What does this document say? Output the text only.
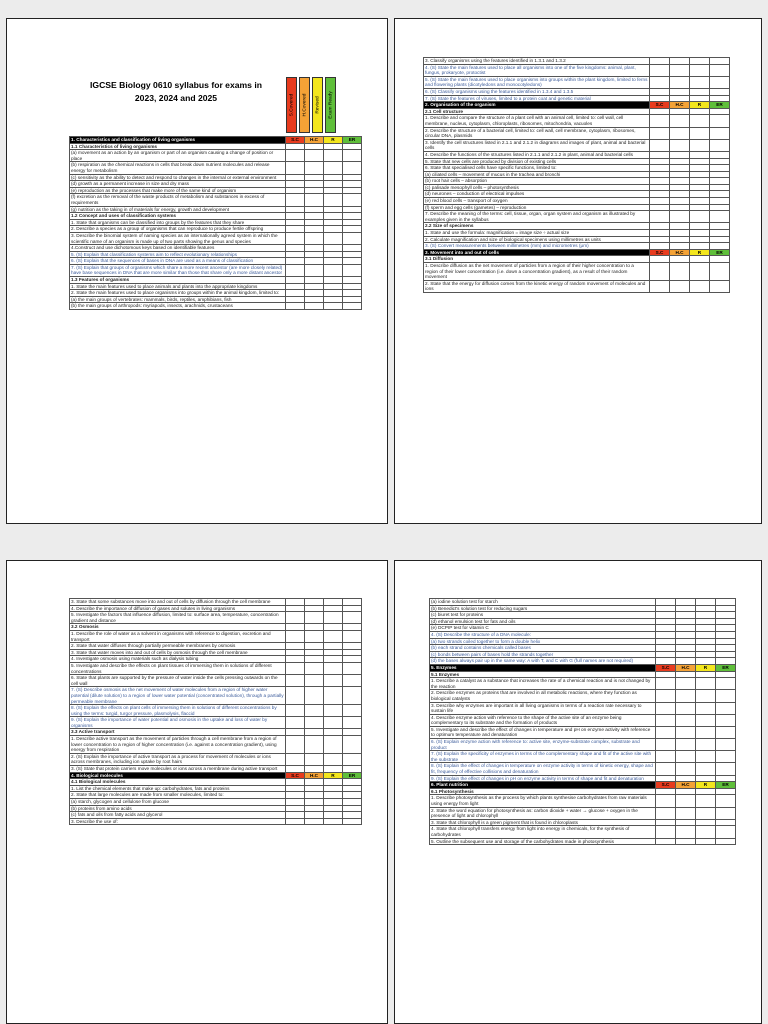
IGCSE Biology 0610 syllabus for exams in
2023, 2024 and 2025	S.Covered H.Covered Revised Exam Ready
1. Characteristics and classification of living organisms	S.C	H.C	R	ER
1.1 Characteristics of living organisms				
(a) movement as an action by an organism or part of an organism causing a change of position or place				
(b) respiration as the chemical reactions in cells that break down nutrient molecules and release energy for metabolism				
(c) sensitivity as the ability to detect and respond to changes in the internal or external environment				
(d) growth as a permanent increase in size and dry mass				
(e) reproduction as the processes that make more of the same kind of organism				
(f) excretion as the removal of the waste products of metabolism and substances in excess of requirements				
(g) nutrition as the taking in of materials for energy, growth and development				
1.2 Concept and uses of classification systems				
1. State that organisms can be classified into groups by the features that they share				
2. Describe a species as a group of organisms that can reproduce to produce fertile offspring				
3. Describe the binomial system of naming species as an internationally agreed system in which the scientific name of an organism is made up of two parts showing the genus and species				
4.Construct and use dichotomous keys based on identifiable features				
5. (S) Explain that classification systems aim to reflect evolutionary relationships				
6. (S) Explain that the sequences of bases in DNA are used as a means of classification				
7. (S) Explain that groups of organisms which share a more recent ancestor (are more closely related) have base sequences in DNA that are more similar than those that share only a more distant ancestor				
1.3 Features of organisms				
1. State the main features used to place animals and plants into the appropriate kingdoms				
2. State the main features used to place organisms into groups within the animal kingdom, limited to:				
(a) the main groups of vertebrates: mammals, birds, reptiles, amphibians, fish				
(b) the main groups of arthropods: myriapods, insects, arachnids, crustaceans				
3. Classify organisms using the features identified in 1.3.1 and 1.3.2				
4. (S) State the main features used to place all organisms into one of the five kingdoms: animal, plant, fungus, prokaryote, protoctist				
5. (S) State the main features used to place organisms into groups within the plant kingdom, limited to ferns and flowering plants (dicotyledons and monocotyledons)				
6. (S) Classify organisms using the features identified in 1.3.4 and 1.3.5				
7. (S) State the features of viruses, limited to a protein coat and genetic material				
2. Organisation of the organism	S.C	H.C	R	ER
2.1 Cell structure				
1. Describe and compare the structure of a plant cell with an animal cell, limited to: cell wall, cell membrane, nucleus, cytoplasm, chloroplasts, ribosomes, mitochondria, vacuoles				
2. Describe the structure of a bacterial cell, limited to: cell wall, cell membrane, cytoplasm, ribosomes, circular DNA, plasmids				
3. Identify the cell structures listed in 2.1.1 and 2.1.2 in diagrams and images of plant, animal and bacterial cells				
4. Describe the functions of the structures listed in 2.1.1 and 2.1.2 in plant, animal and bacterial cells				
5. State that new cells are produced by division of existing cells				
6. State that specialised cells have specific functions, limited to:				
(a) ciliated cells – movement of mucus in the trachea and bronchi				
(b) root hair cells – absorption				
(c) palisade mesophyll cells – photosynthesis				
(d) neurones – conduction of electrical impulses				
(e) red blood cells – transport of oxygen				
(f) sperm and egg cells (gametes) – reproduction				
7. Describe the meaning of the terms: cell, tissue, organ, organ system and organism as illustrated by examples given in the syllabus				
2.2 Size of specimens				
1. State and use the formula: magnification = image size ÷ actual size				
2. Calculate magnification and size of biological specimens using millimetres as units				
3. (S) Convert measurements between millimetres (mm) and micrometres (μm)				
3. Movement into and out of cells	S.C	H.C	R	ER
3.1 Diffusion				
1. Describe diffusion as the net movement of particles from a region of their higher concentration to a region of their lower concentration (i.e. down a concentration gradient), as a result of their random movement				
2. State that the energy for diffusion comes from the kinetic energy of random movement of molecules and ions				
3. State that some substances move into and out of cells by diffusion through the cell membrane				
4. Describe the importance of diffusion of gases and solutes in living organisms				
5. Investigate the factors that influence diffusion, limited to: surface area, temperature, concentration gradient and distance				
3.2 Osmosis				
1. Describe the role of water as a solvent in organisms with reference to digestion, excretion and transport				
2. State that water diffuses through partially permeable membranes by osmosis				
3. State that water moves into and out of cells by osmosis through the cell membrane				
4. Investigate osmosis using materials such as dialysis tubing				
5. Investigate and describe the effects on plant tissues of immersing them in solutions of different concentrations				
6. State that plants are supported by the pressure of water inside the cells pressing outwards on the cell wall				
7. (S) Describe osmosis as the net movement of water molecules from a region of higher water potential (dilute solution) to a region of lower water potential (concentrated solution), through a partially permeable membrane				
8. (S) Explain the effects on plant cells of immersing them in solutions of different concentrations by using the terms: turgid, turgor pressure, plasmolysis, flaccid				
9. (S) Explain the importance of water potential and osmosis in the uptake and loss of water by organisms				
3.3 Active transport				
1. Describe active transport as the movement of particles through a cell membrane from a region of lower concentration to a region of higher concentration (i.e. against a concentration gradient), using energy from respiration				
2. (S) Explain the importance of active transport as a process for movement of molecules or ions across membranes, including ion uptake by root hairs				
3. (S) State that protein carriers move molecules or ions across a membrane during active transport				
4. Biological molecules	S.C	H.C	R	ER
4.1 Biological molecules				
1. List the chemical elements that make up: carbohydrates, fats and proteins				
2. State that large molecules are made from smaller molecules, limited to:				
(a) starch, glycogen and cellulose from glucose				
(b) proteins from amino acids				
(c) fats and oils from fatty acids and glycerol				
3. Describe the use of:				
(a) iodine solution test for starch				
(b) Benedict's solution test for reducing sugars				
(c) biuret test for proteins				
(d) ethanol emulsion test for fats and oils				
(e) DCPIP test for vitamin C				
4. (S) Describe the structure of a DNA molecule:				
(a) two strands coiled together to form a double helix				
(b) each strand contains chemicals called bases				
(c) bonds between pairs of bases hold the strands together				
(d) the bases always pair up in the same way: A with T, and C with G (full names are not required)				
5. Enzymes	S.C	H.C	R	ER
5.1 Enzymes				
1. Describe a catalyst as a substance that increases the rate of a chemical reaction and is not changed by the reaction				
2. Describe enzymes as proteins that are involved in all metabolic reactions, where they function as biological catalysts				
3. Describe why enzymes are important in all living organisms in terms of a reaction rate necessary to sustain life				
4. Describe enzyme action with reference to the shape of the active site of an enzyme being complementary to its substrate and the formation of products				
5. Investigate and describe the effect of changes in temperature and pH on enzyme activity with reference to optimum temperature and denaturation				
6. (S) Explain enzyme action with reference to: active site, enzyme-substrate complex, substrate and product				
7. (S) Explain the specificity of enzymes in terms of the complementary shape and fit of the active site with the substrate				
8. (S) Explain the effect of changes in temperature on enzyme activity in terms of kinetic energy, shape and fit, frequency of effective collisions and denaturation				
9. (S) Explain the effect of changes in pH on enzyme activity in terms of shape and fit and denaturation				
6. Plant nutrition	S.C	H.C	R	ER
6.1 Photosynthesis				
1. Describe photosynthesis as the process by which plants synthesise carbohydrates from raw materials using energy from light				
2. State the word equation for photosynthesis as: carbon dioxide + water → glucose + oxygen in the presence of light and chlorophyll				
3. State that chlorophyll is a green pigment that is found in chloroplasts				
4. State that chlorophyll transfers energy from light into energy in chemicals, for the synthesis of carbohydrates				
5. Outline the subsequent use and storage of the carbohydrates made in photosynthesis				
